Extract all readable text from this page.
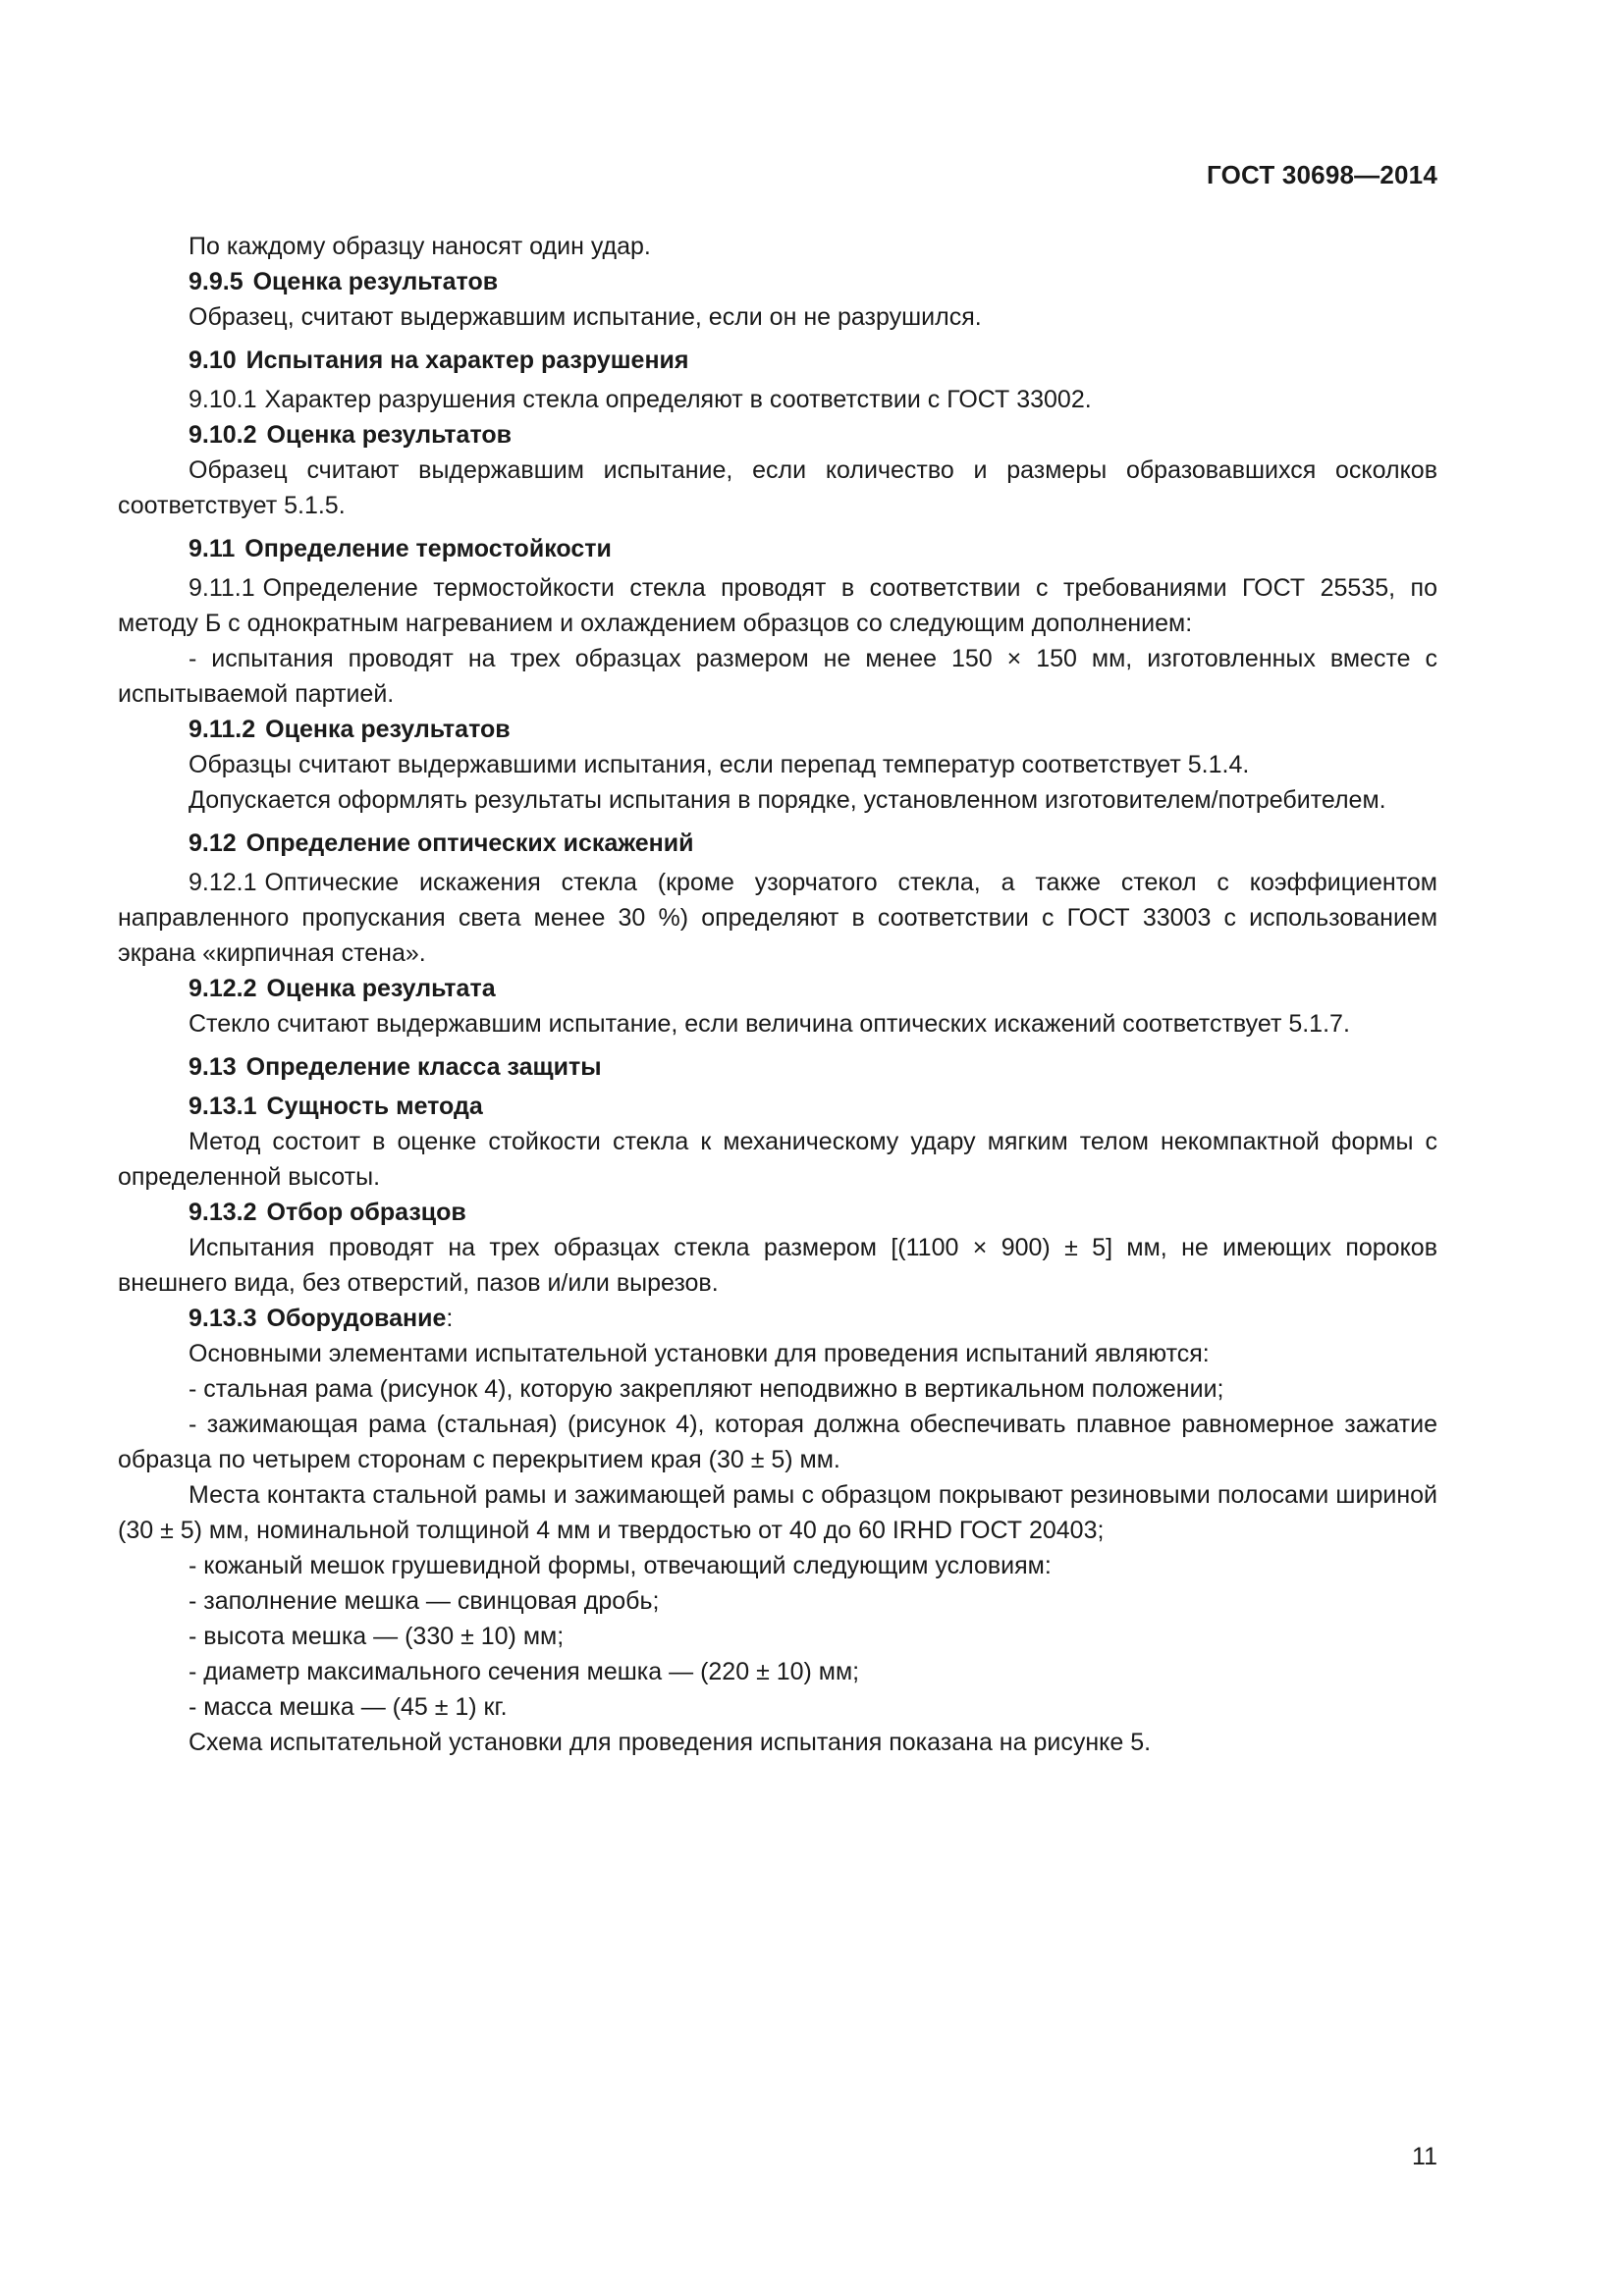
ГОСТ 30698—2014

По каждому образцу наносят один удар.

9.9.5 Оценка результатов

Образец, считают выдержавшим испытание, если он не разрушился.

9.10 Испытания на характер разрушения

9.10.1 Характер разрушения стекла определяют в соответствии с ГОСТ 33002.

9.10.2 Оценка результатов

Образец считают выдержавшим испытание, если количество и размеры образовавшихся осколков соответствует 5.1.5.

9.11 Определение термостойкости

9.11.1 Определение термостойкости стекла проводят в соответствии с требованиями ГОСТ 25535, по методу Б с однократным нагреванием и охлаждением образцов со следующим дополнением:

- испытания проводят на трех образцах размером не менее 150 × 150 мм, изготовленных вместе с испытываемой партией.

9.11.2 Оценка результатов

Образцы считают выдержавшими испытания, если перепад температур соответствует 5.1.4.

Допускается оформлять результаты испытания в порядке, установленном изготовителем/потребителем.

9.12 Определение оптических искажений

9.12.1 Оптические искажения стекла (кроме узорчатого стекла, а также стекол с коэффициентом направленного пропускания света менее 30 %) определяют в соответствии с ГОСТ 33003 с использованием экрана «кирпичная стена».

9.12.2 Оценка результата

Стекло считают выдержавшим испытание, если величина оптических искажений соответствует 5.1.7.

9.13 Определение класса защиты

9.13.1 Сущность метода

Метод состоит в оценке стойкости стекла к механическому удару мягким телом некомпактной формы с определенной высоты.

9.13.2 Отбор образцов

Испытания проводят на трех образцах стекла размером [(1100 × 900) ± 5] мм, не имеющих пороков внешнего вида, без отверстий, пазов и/или вырезов.

9.13.3 Оборудование:

Основными элементами испытательной установки для проведения испытаний являются:

- стальная рама (рисунок 4), которую закрепляют неподвижно в вертикальном положении;

- зажимающая рама (стальная) (рисунок 4), которая должна обеспечивать плавное равномерное зажатие образца по четырем сторонам с перекрытием края (30 ± 5) мм.

Места контакта стальной рамы и зажимающей рамы с образцом покрывают резиновыми полосами шириной (30 ± 5) мм, номинальной толщиной 4 мм и твердостью от 40 до 60 IRHD ГОСТ 20403;

- кожаный мешок грушевидной формы, отвечающий следующим условиям:

- заполнение мешка — свинцовая дробь;

- высота мешка — (330 ± 10) мм;

- диаметр максимального сечения мешка — (220 ± 10) мм;

- масса мешка — (45 ± 1) кг.

Схема испытательной установки для проведения испытания показана на рисунке 5.

11
